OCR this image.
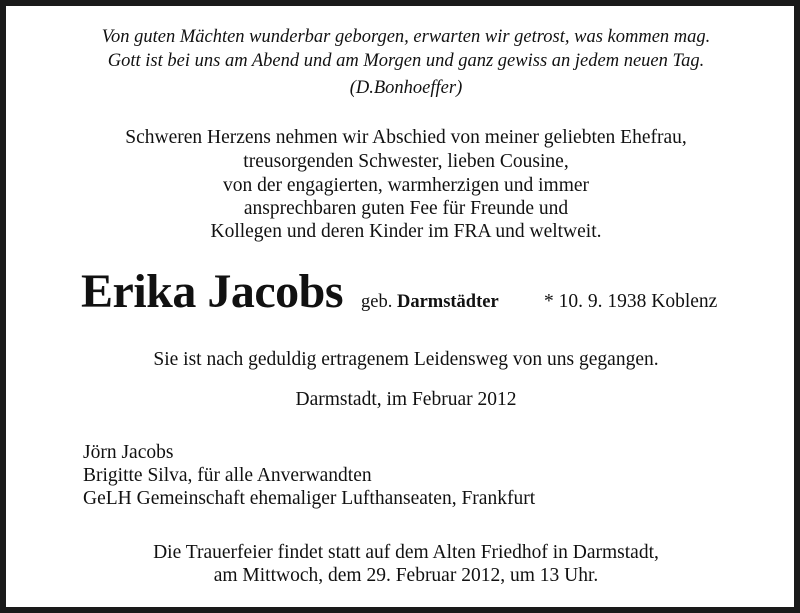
Von guten Mächten wunderbar geborgen, erwarten wir getrost, was kommen mag.
Gott ist bei uns am Abend und am Morgen und ganz gewiss an jedem neuen Tag.
(D.Bonhoeffer)
Schweren Herzens nehmen wir Abschied von meiner geliebten Ehefrau,
treusorgenden Schwester, lieben Cousine,
von der engagierten, warmherzigen und immer
ansprechbaren guten Fee für Freunde und
Kollegen und deren Kinder im FRA und weltweit.
Erika Jacobs geb. Darmstädter * 10. 9. 1938 Koblenz
Sie ist nach geduldig ertragenem Leidensweg von uns gegangen.
Darmstadt, im Februar 2012
Jörn Jacobs
Brigitte Silva, für alle Anverwandten
GeLH Gemeinschaft ehemaliger Lufthanseaten, Frankfurt
Die Trauerfeier findet statt auf dem Alten Friedhof in Darmstadt,
am Mittwoch, dem 29. Februar 2012, um 13 Uhr.
